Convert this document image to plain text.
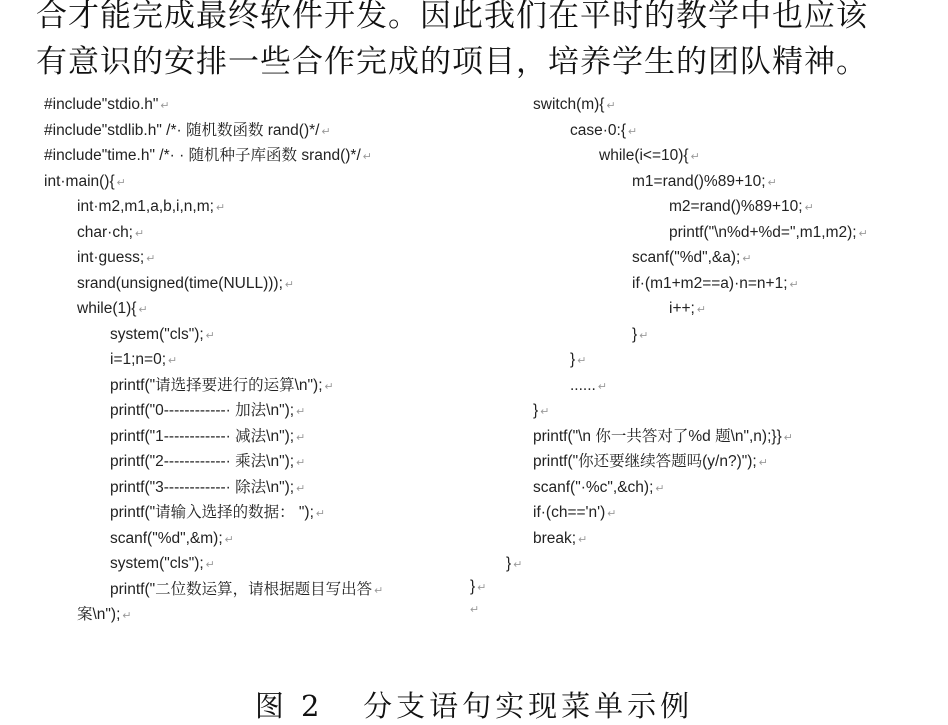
合才能完成最终软件开发。因此我们在平时的教学中也应该
有意识的安排一些合作完成的项目，培养学生的团队精神。
#include"stdio.h" ↵
#include"stdlib.h" /*· 随机数函数 rand()*/ ↵
#include"time.h" /*· · 随机种子库函数 srand()*/ ↵
int·main(){ ↵
int·m2,m1,a,b,i,n,m; ↵
char·ch; ↵
int·guess; ↵
srand(unsigned(time(NULL))); ↵
while(1){ ↵
system("cls"); ↵
i=1;n=0; ↵
printf("请选择要进行的运算\n"); ↵
printf("0------------· 加法\n"); ↵
printf("1------------· 减法\n"); ↵
printf("2------------· 乘法\n"); ↵
printf("3------------· 除法\n"); ↵
printf("请输入选择的数据： "); ↵
scanf("%d",&m); ↵
system("cls"); ↵
printf("二位数运算，请根据题目写出答 ↵
案\n"); ↵
switch(m){ ↵
case·0:{ ↵
while(i<=10){ ↵
m1=rand()%89+10; ↵
m2=rand()%89+10; ↵
printf("\n%d+%d=",m1,m2); ↵
scanf("%d",&a); ↵
if·(m1+m2==a)·n=n+1; ↵
i++; ↵
} ↵
} ↵
...... ↵
} ↵
printf("\n 你一共答对了%d 题\n",n);}} ↵
printf("你还要继续答题吗(y/n?)"); ↵
scanf("·%c",&ch); ↵
if·(ch=='n') ↵
break; ↵
} ↵
} ↵
↵
图 2   分支语句实现菜单示例
